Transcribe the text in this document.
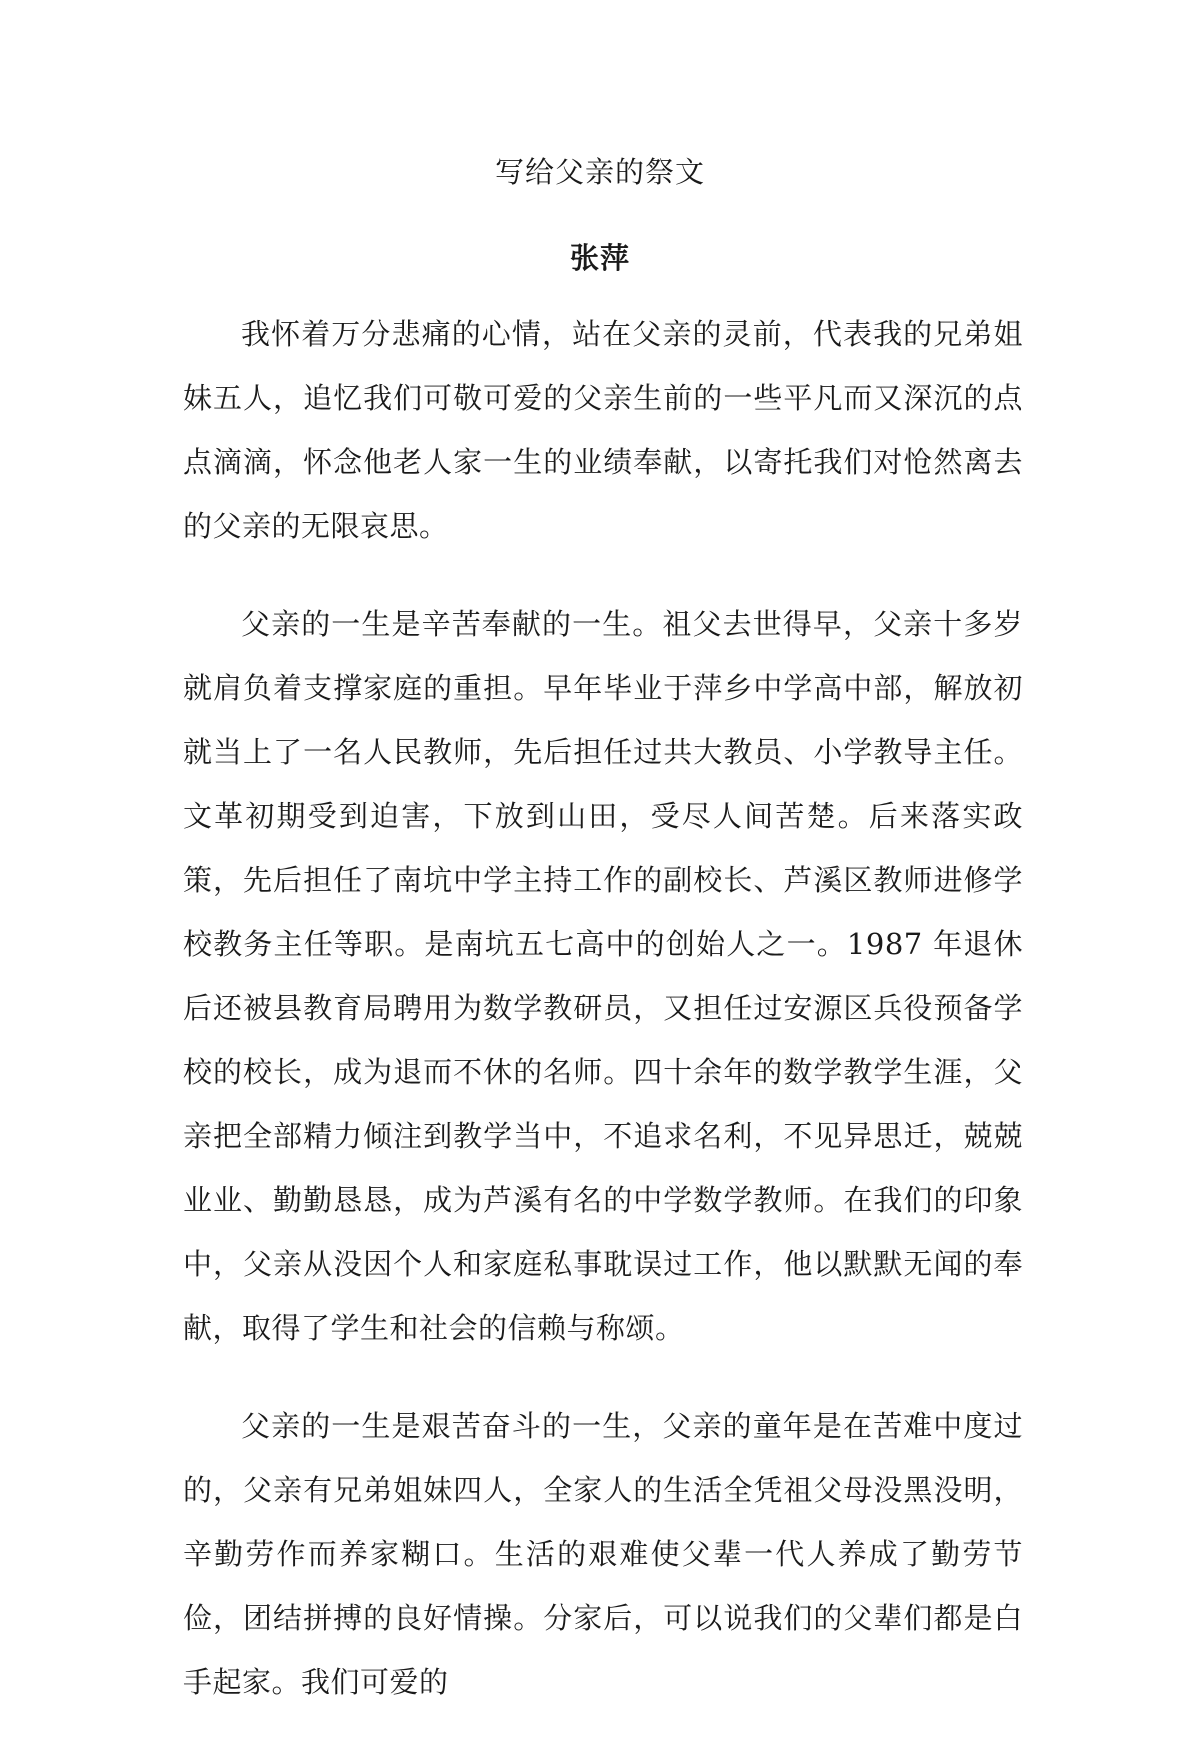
写给父亲的祭文
张萍

我怀着万分悲痛的心情，站在父亲的灵前，代表我的兄弟姐妹五人，追忆我们可敬可爱的父亲生前的一些平凡而又深沉的点点滴滴，怀念他老人家一生的业绩奉献，以寄托我们对怆然离去的父亲的无限哀思。

父亲的一生是辛苦奉献的一生。祖父去世得早，父亲十多岁就肩负着支撑家庭的重担。早年毕业于萍乡中学高中部，解放初就当上了一名人民教师，先后担任过共大教员、小学教导主任。文革初期受到迫害，下放到山田，受尽人间苦楚。后来落实政策，先后担任了南坑中学主持工作的副校长、芦溪区教师进修学校教务主任等职。是南坑五七高中的创始人之一。1987 年退休后还被县教育局聘用为数学教研员，又担任过安源区兵役预备学校的校长，成为退而不休的名师。四十余年的数学教学生涯，父亲把全部精力倾注到教学当中，不追求名利，不见异思迁，兢兢业业、勤勤恳恳，成为芦溪有名的中学数学教师。在我们的印象中，父亲从没因个人和家庭私事耽误过工作，他以默默无闻的奉献，取得了学生和社会的信赖与称颂。

父亲的一生是艰苦奋斗的一生，父亲的童年是在苦难中度过的，父亲有兄弟姐妹四人，全家人的生活全凭祖父母没黑没明，辛勤劳作而养家糊口。生活的艰难使父辈一代人养成了勤劳节俭，团结拼搏的良好情操。分家后，可以说我们的父辈们都是白手起家。我们可爱的
